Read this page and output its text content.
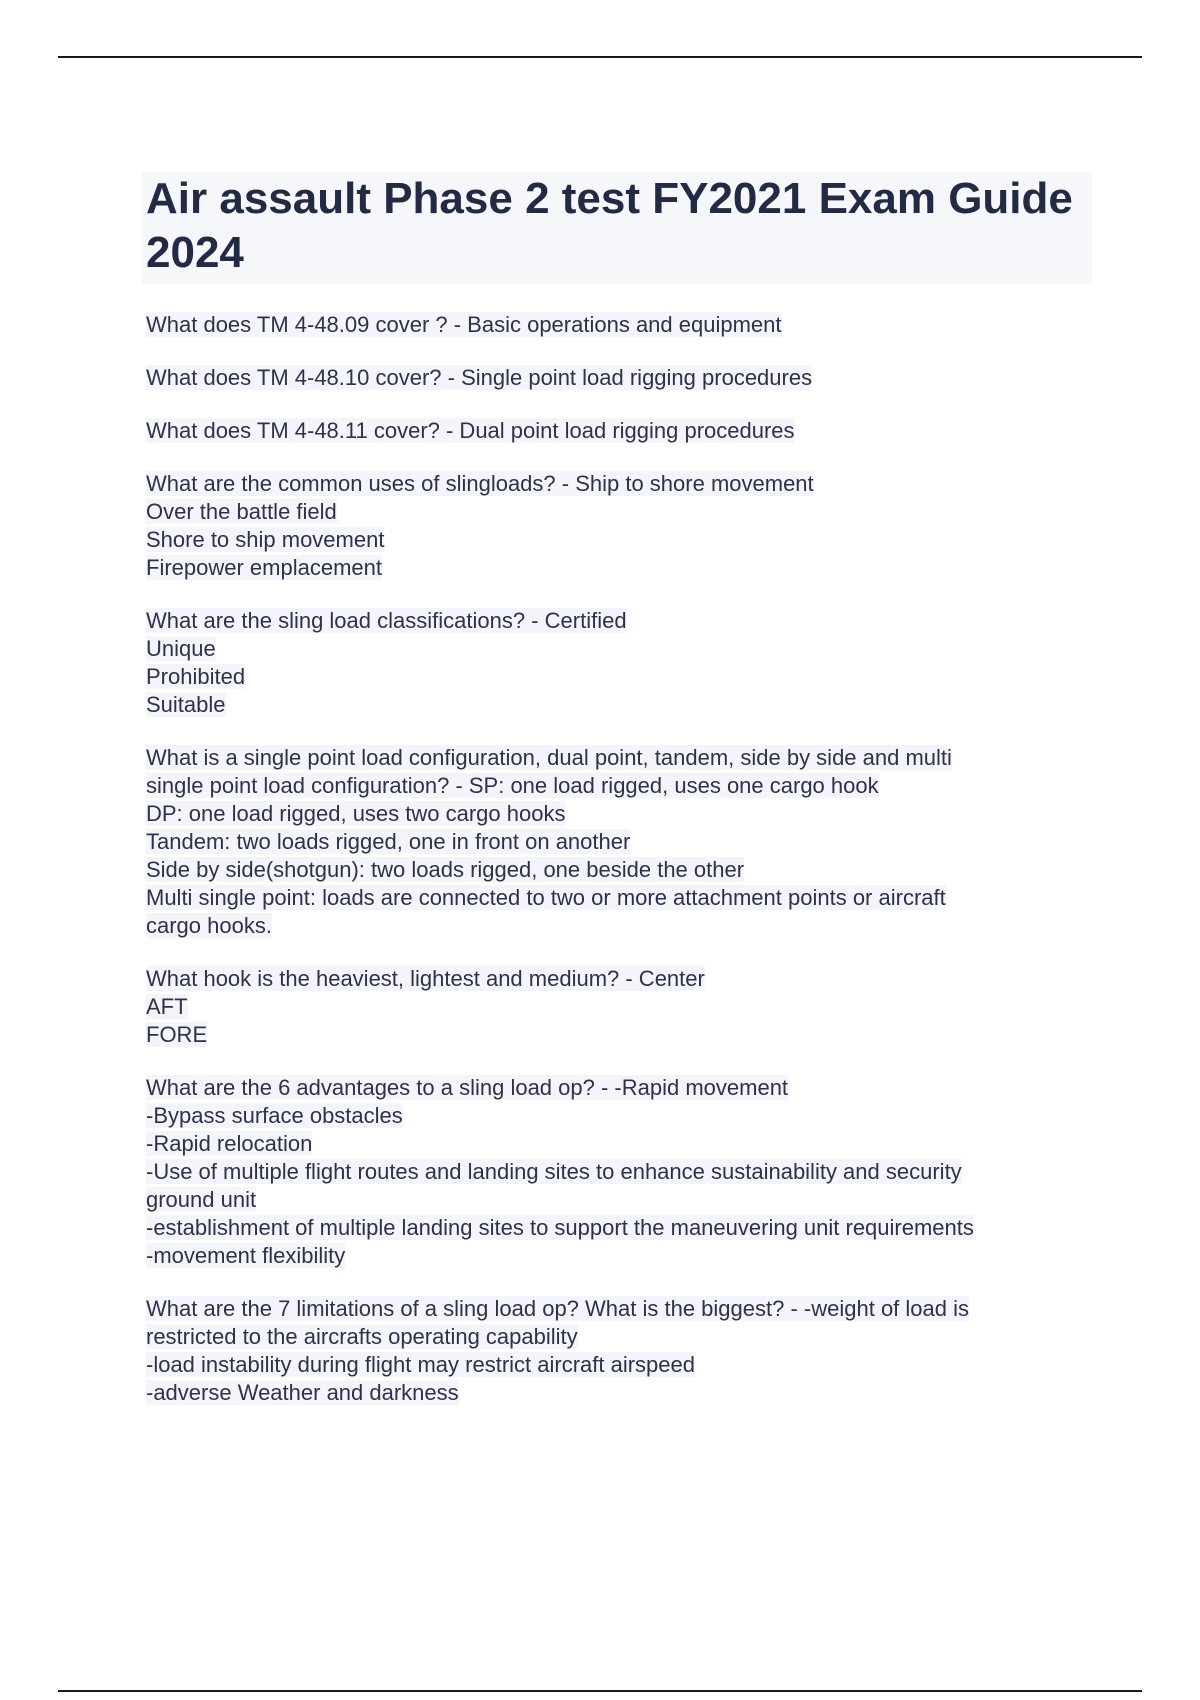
Air assault Phase 2 test FY2021 Exam Guide 2024
What does TM 4-48.09 cover ? - Basic operations and equipment
What does TM 4-48.10 cover? - Single point load rigging procedures
What does TM 4-48.11 cover? - Dual point load rigging procedures
What are the common uses of slingloads? - Ship to shore movement
Over the battle field
Shore to ship movement
Firepower emplacement
What are the sling load classifications? - Certified
Unique
Prohibited
Suitable
What is a single point load configuration, dual point, tandem, side by side and multi
single point load configuration? - SP: one load rigged, uses one cargo hook
DP: one load rigged, uses two cargo hooks
Tandem: two loads rigged, one in front on another
Side by side(shotgun): two loads rigged, one beside the other
Multi single point: loads are connected to two or more attachment points or aircraft
cargo hooks.
What hook is the heaviest, lightest and medium? - Center
AFT
FORE
What are the 6 advantages to a sling load op? - -Rapid movement
-Bypass surface obstacles
-Rapid relocation
-Use of multiple flight routes and landing sites to enhance sustainability and security
ground unit
-establishment of multiple landing sites to support the maneuvering unit requirements
-movement flexibility
What are the 7 limitations of a sling load op? What is the biggest? - -weight of load is
restricted to the aircrafts operating capability
-load instability during flight may restrict aircraft airspeed
-adverse Weather and darkness
